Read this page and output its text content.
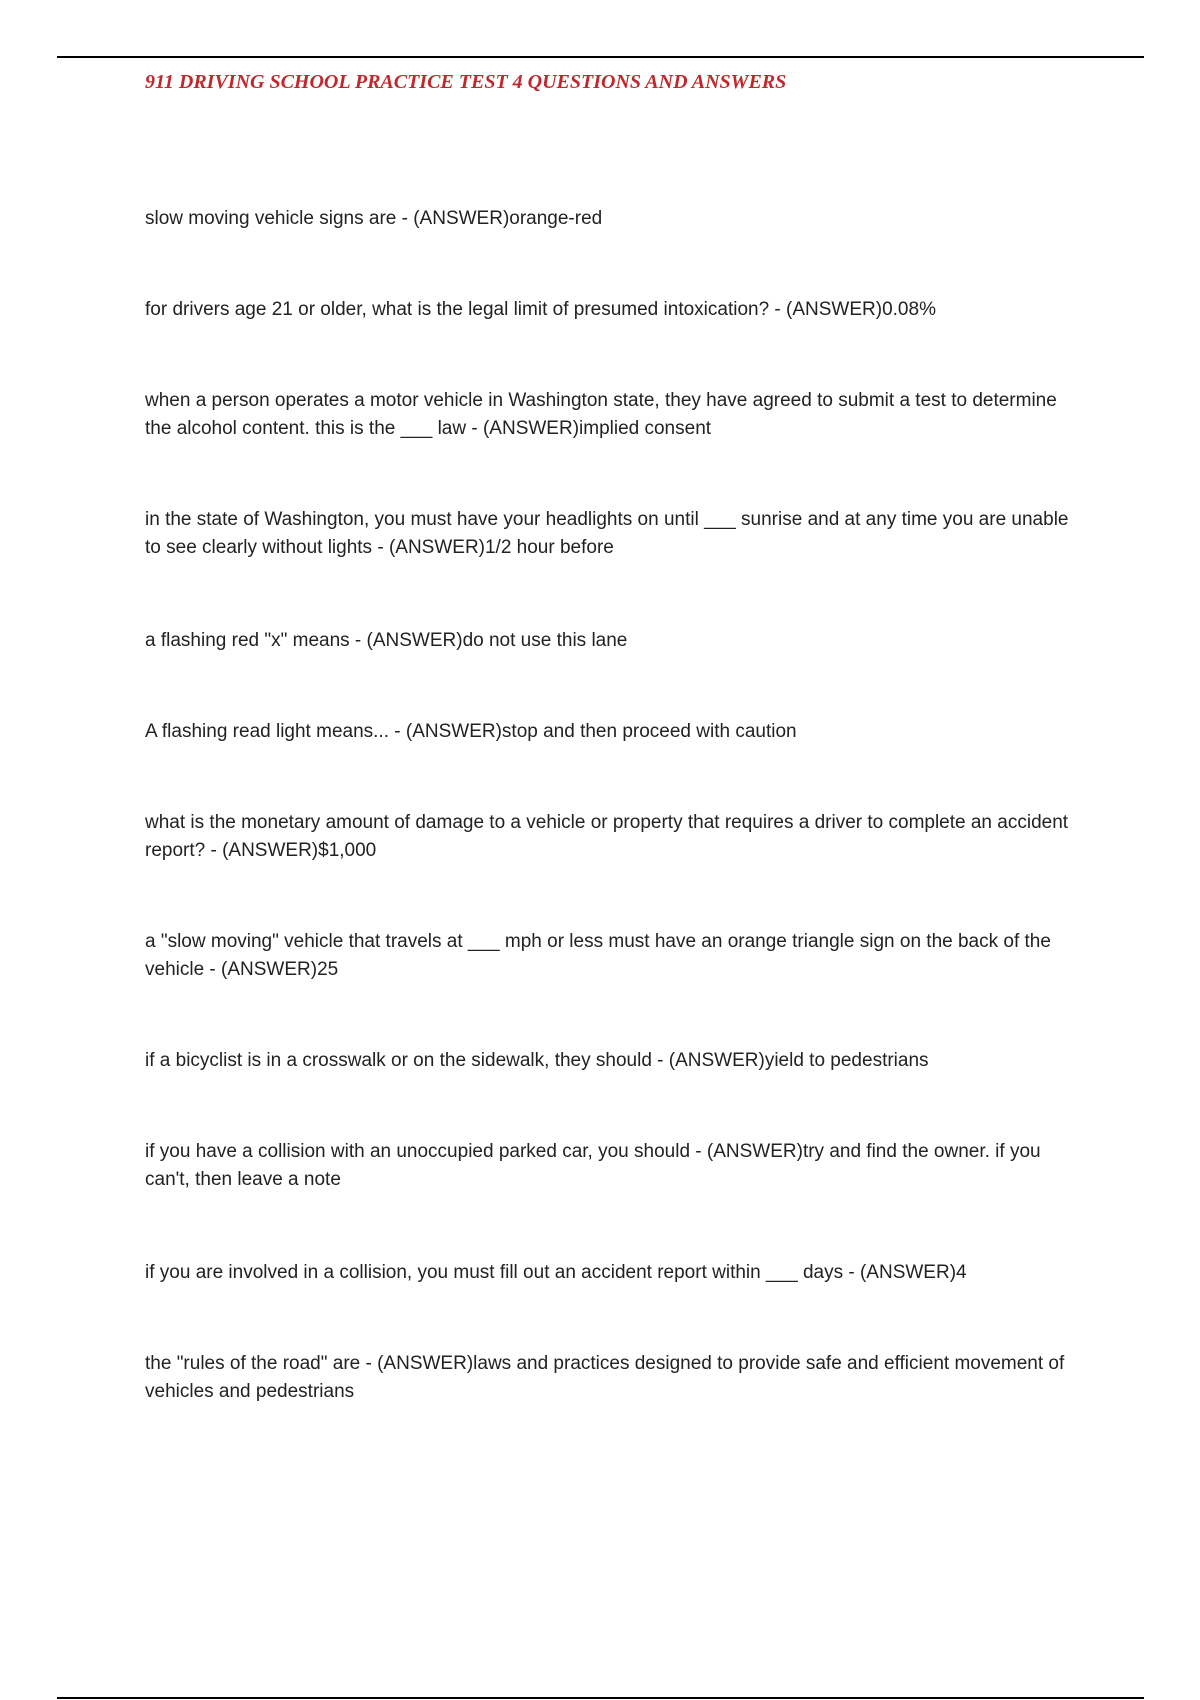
911 DRIVING SCHOOL PRACTICE TEST 4 QUESTIONS AND ANSWERS

slow moving vehicle signs are - (ANSWER)orange-red

for drivers age 21 or older, what is the legal limit of presumed intoxication? - (ANSWER)0.08%

when a person operates a motor vehicle in Washington state, they have agreed to submit a test to determine the alcohol content. this is the ___ law - (ANSWER)implied consent

in the state of Washington, you must have your headlights on until ___ sunrise and at any time you are unable to see clearly without lights - (ANSWER)1/2 hour before

a flashing red "x" means - (ANSWER)do not use this lane

A flashing read light means... - (ANSWER)stop and then proceed with caution

what is the monetary amount of damage to a vehicle or property that requires a driver to complete an accident report? - (ANSWER)$1,000

a "slow moving" vehicle that travels at ___ mph or less must have an orange triangle sign on the back of the vehicle - (ANSWER)25

if a bicyclist is in a crosswalk or on the sidewalk, they should - (ANSWER)yield to pedestrians

if you have a collision with an unoccupied parked car, you should - (ANSWER)try and find the owner. if you can't, then leave a note

if you are involved in a collision, you must fill out an accident report within ___ days - (ANSWER)4

the "rules of the road" are - (ANSWER)laws and practices designed to provide safe and efficient movement of vehicles and pedestrians
